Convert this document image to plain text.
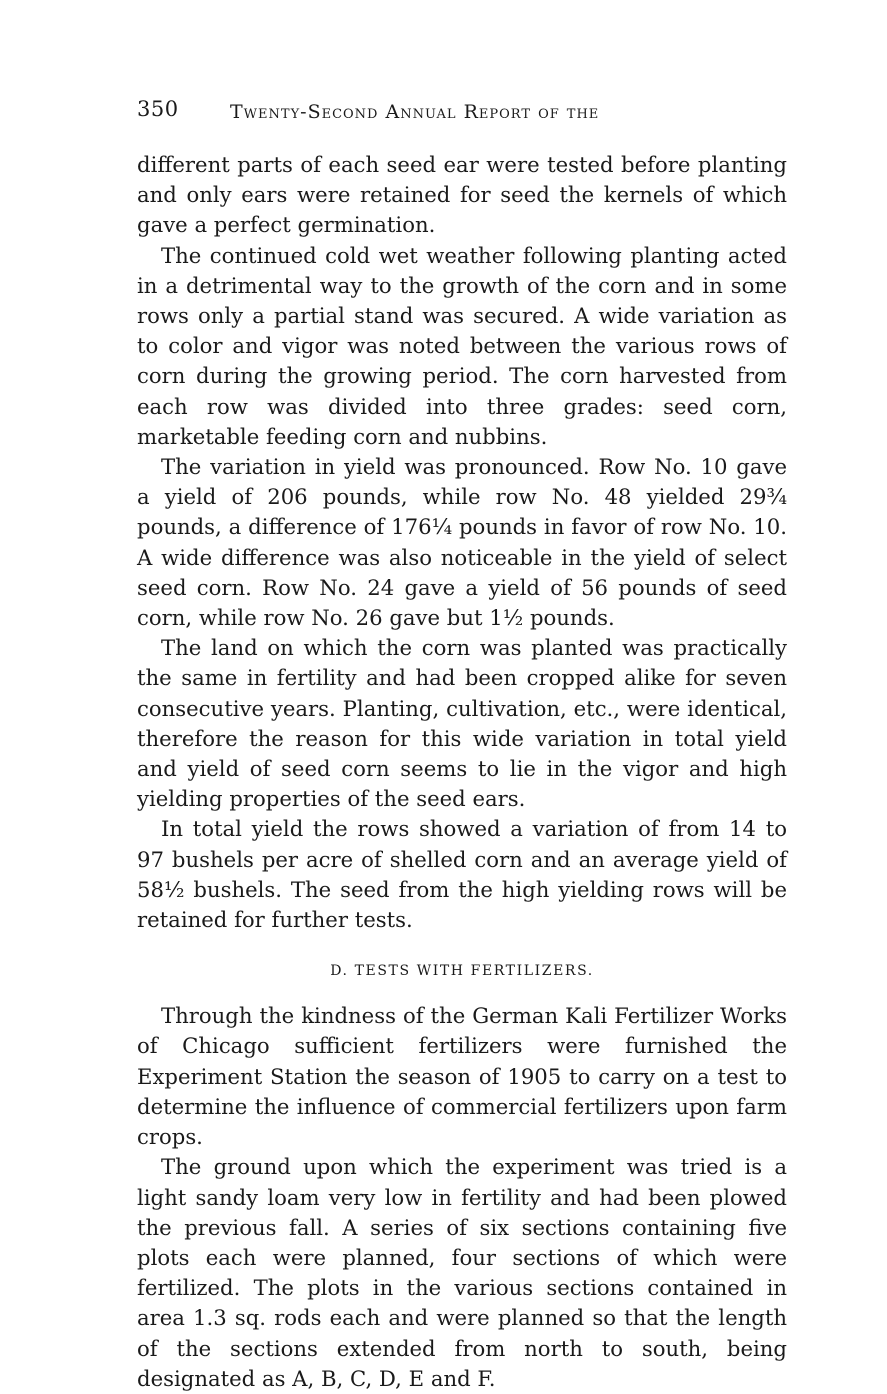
350	Twenty-Second Annual Report of the

different parts of each seed ear were tested before planting and only ears were retained for seed the kernels of which gave a perfect germination.

The continued cold wet weather following planting acted in a detrimental way to the growth of the corn and in some rows only a partial stand was secured. A wide variation as to color and vigor was noted between the various rows of corn during the growing period. The corn harvested from each row was divided into three grades: seed corn, marketable feeding corn and nubbins.

The variation in yield was pronounced. Row No. 10 gave a yield of 206 pounds, while row No. 48 yielded 29¾ pounds, a difference of 176¼ pounds in favor of row No. 10. A wide difference was also noticeable in the yield of select seed corn. Row No. 24 gave a yield of 56 pounds of seed corn, while row No. 26 gave but 1½ pounds.

The land on which the corn was planted was practically the same in fertility and had been cropped alike for seven consecutive years. Planting, cultivation, etc., were identical, therefore the reason for this wide variation in total yield and yield of seed corn seems to lie in the vigor and high yielding properties of the seed ears.

In total yield the rows showed a variation of from 14 to 97 bushels per acre of shelled corn and an average yield of 58½ bushels. The seed from the high yielding rows will be retained for further tests.

D. TESTS WITH FERTILIZERS.

Through the kindness of the German Kali Fertilizer Works of Chicago sufficient fertilizers were furnished the Experiment Station the season of 1905 to carry on a test to determine the influence of commercial fertilizers upon farm crops.

The ground upon which the experiment was tried is a light sandy loam very low in fertility and had been plowed the previous fall. A series of six sections containing five plots each were planned, four sections of which were fertilized. The plots in the various sections contained in area 1.3 sq. rods each and were planned so that the length of the sections extended from north to south, being designated as A, B, C, D, E and F.
